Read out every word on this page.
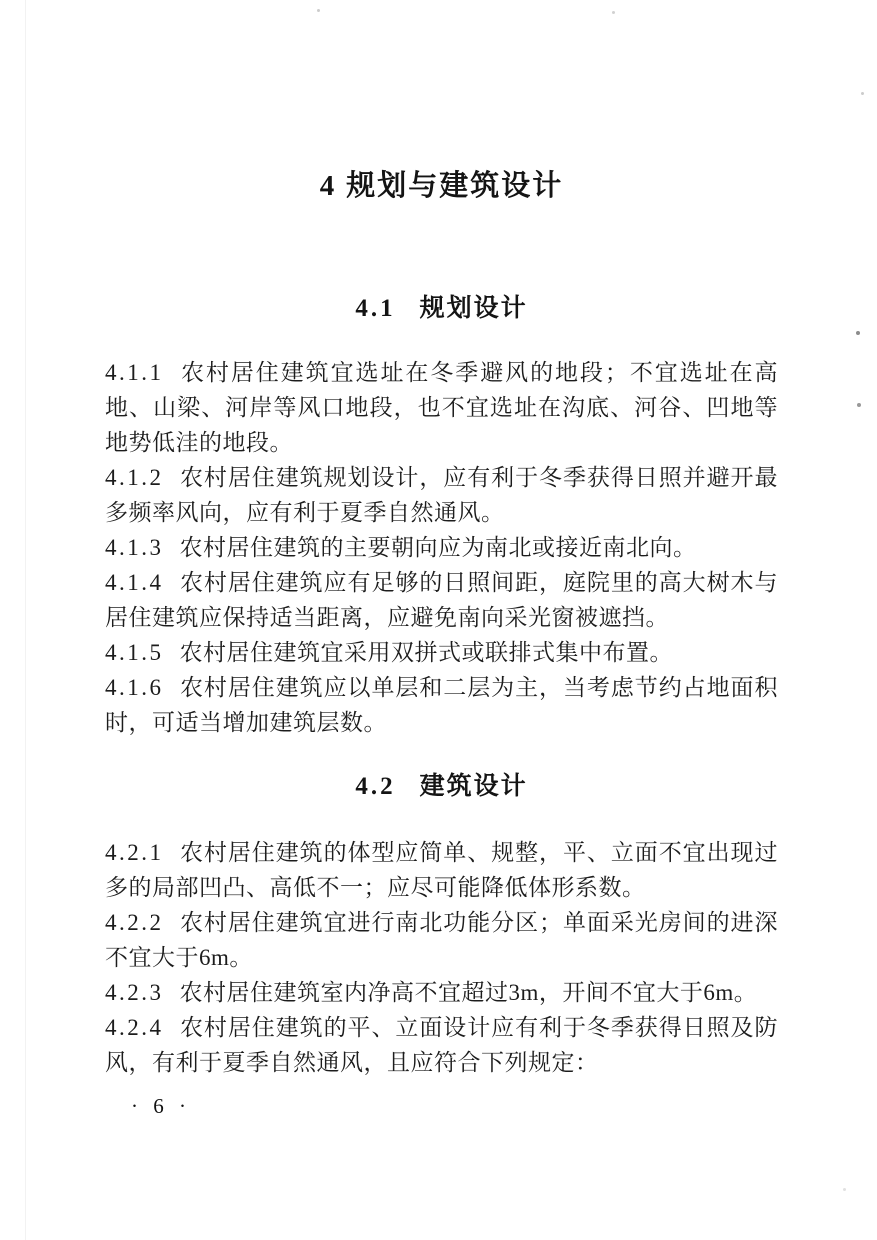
4 规划与建筑设计
4.1 规划设计

4.1.1 农村居住建筑宜选址在冬季避风的地段；不宜选址在高地、山梁、河岸等风口地段，也不宜选址在沟底、河谷、凹地等地势低洼的地段。

4.1.2 农村居住建筑规划设计，应有利于冬季获得日照并避开最多频率风向，应有利于夏季自然通风。

4.1.3 农村居住建筑的主要朝向应为南北或接近南北向。

4.1.4 农村居住建筑应有足够的日照间距，庭院里的高大树木与居住建筑应保持适当距离，应避免南向采光窗被遮挡。

4.1.5 农村居住建筑宜采用双拼式或联排式集中布置。

4.1.6 农村居住建筑应以单层和二层为主，当考虑节约占地面积时，可适当增加建筑层数。

4.2 建筑设计

4.2.1 农村居住建筑的体型应简单、规整，平、立面不宜出现过多的局部凹凸、高低不一；应尽可能降低体形系数。

4.2.2 农村居住建筑宜进行南北功能分区；单面采光房间的进深不宜大于6m。

4.2.3 农村居住建筑室内净高不宜超过3m，开间不宜大于6m。

4.2.4 农村居住建筑的平、立面设计应有利于冬季获得日照及防风，有利于夏季自然通风，且应符合下列规定：

· 6 ·
